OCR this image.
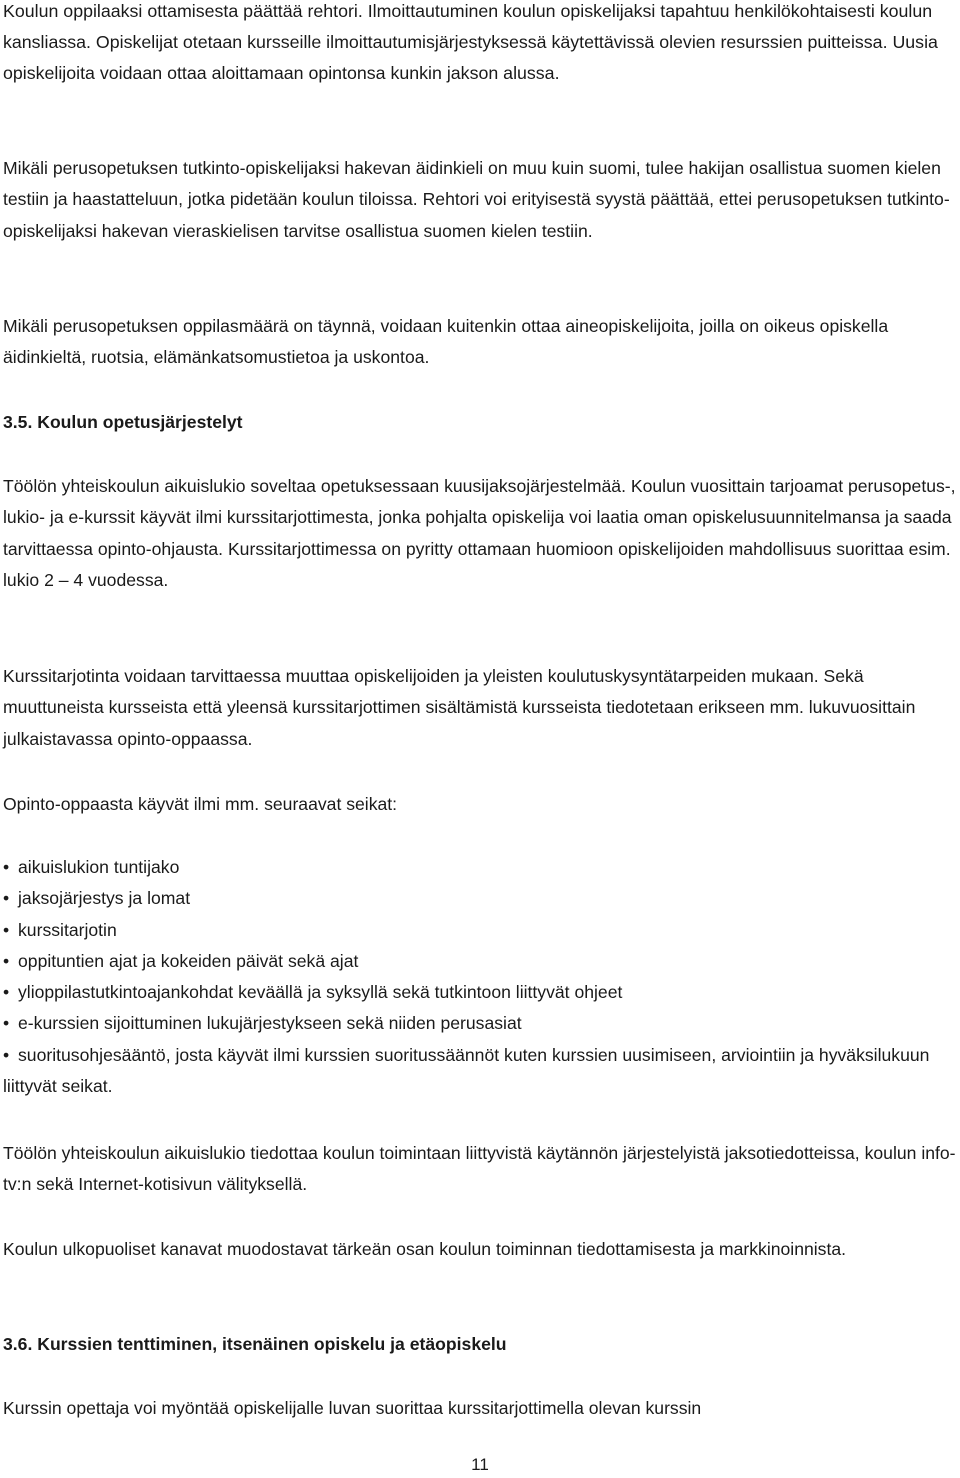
Koulun oppilaaksi ottamisesta päättää rehtori. Ilmoittautuminen koulun opiskelijaksi tapahtuu henkilökohtaisesti koulun kansliassa. Opiskelijat otetaan kursseille ilmoittautumisjärjestyksessä käytettävissä olevien resurssien puitteissa. Uusia opiskelijoita voidaan ottaa aloittamaan opintonsa kunkin jakson alussa.

Mikäli perusopetuksen tutkinto-opiskelijaksi hakevan äidinkieli on muu kuin suomi, tulee hakijan osallistua suomen kielen testiin ja haastatteluun, jotka pidetään koulun tiloissa. Rehtori voi erityisestä syystä päättää, ettei perusopetuksen tutkinto-opiskelijaksi hakevan vieraskielisen tarvitse osallistua suomen kielen testiin.

Mikäli perusopetuksen oppilasmäärä on täynnä, voidaan kuitenkin ottaa aineopiskelijoita, joilla on oikeus opiskella äidinkieltä, ruotsia, elämänkatsomustietoa ja uskontoa.

3.5. Koulun opetusjärjestelyt

Töölön yhteiskoulun aikuislukio soveltaa opetuksessaan kuusijaksojärjestelmää. Koulun vuosittain tarjoamat perusopetus-, lukio- ja e-kurssit käyvät ilmi kurssitarjottimesta, jonka pohjalta opiskelija voi laatia oman opiskelusuunnitelmansa ja saada tarvittaessa opinto-ohjausta. Kurssitarjottimessa on pyritty ottamaan huomioon opiskelijoiden mahdollisuus suorittaa esim. lukio 2 – 4 vuodessa.

Kurssitarjotinta voidaan tarvittaessa muuttaa opiskelijoiden ja yleisten koulutuskysyntätarpeiden mukaan. Sekä muuttuneista kursseista että yleensä kurssitarjottimen sisältämistä kursseista tiedotetaan erikseen mm. lukuvuosittain julkaistavassa opinto-oppaassa.

Opinto-oppaasta käyvät ilmi mm. seuraavat seikat:

• aikuislukion tuntijako
• jaksojärjestys ja lomat
• kurssitarjotin
• oppituntien ajat ja kokeiden päivät sekä ajat
• ylioppilastutkintoajankohdat keväällä ja syksyllä sekä tutkintoon liittyvät ohjeet
• e-kurssien sijoittuminen lukujärjestykseen sekä niiden perusasiat
• suoritusohjesääntö, josta käyvät ilmi kurssien suoritussäännöt kuten kurssien uusimiseen, arviointiin ja hyväksilukuun liittyvät seikat.

Töölön yhteiskoulun aikuislukio tiedottaa koulun toimintaan liittyvistä käytännön järjestelyistä jaksotiedotteissa, koulun info-tv:n sekä Internet-kotisivun välityksellä.

Koulun ulkopuoliset kanavat muodostavat tärkeän osan koulun toiminnan tiedottamisesta ja markkinoinnista.

3.6. Kurssien tenttiminen, itsenäinen opiskelu ja etäopiskelu

Kurssin opettaja voi myöntää opiskelijalle luvan suorittaa kurssitarjottimella olevan kurssin

11
